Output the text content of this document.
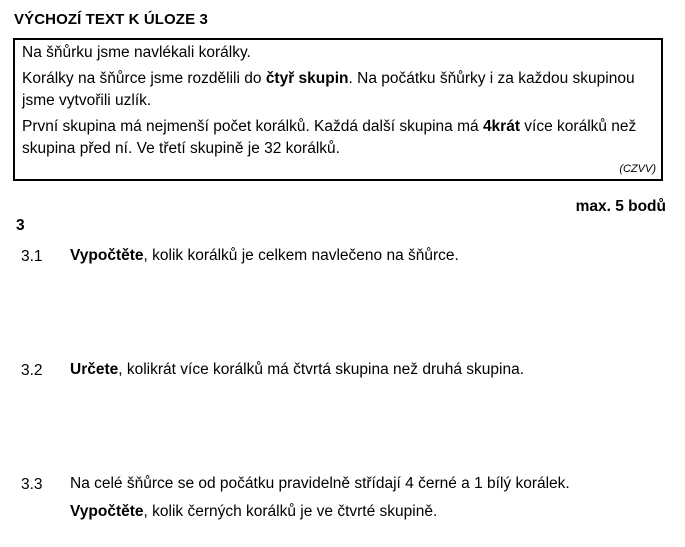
VÝCHOZÍ TEXT K ÚLOZE 3

Na šňůrku jsme navlékali korálky.

Korálky na šňůrce jsme rozdělili do čtyř skupin. Na počátku šňůrky i za každou skupinou jsme vytvořili uzlík.

První skupina má nejmenší počet korálků. Každá další skupina má 4krát více korálků než skupina před ní. Ve třetí skupině je 32 korálků.

(CZVV)
max. 5 bodů
3
3.1 Vypočtěte, kolik korálků je celkem navlečeno na šňůrce.
3.2 Určete, kolikrát více korálků má čtvrtá skupina než druhá skupina.
3.3 Na celé šňůrce se od počátku pravidelně střídají 4 černé a 1 bílý korálek.
Vypočtěte, kolik černých korálků je ve čtvrté skupině.
